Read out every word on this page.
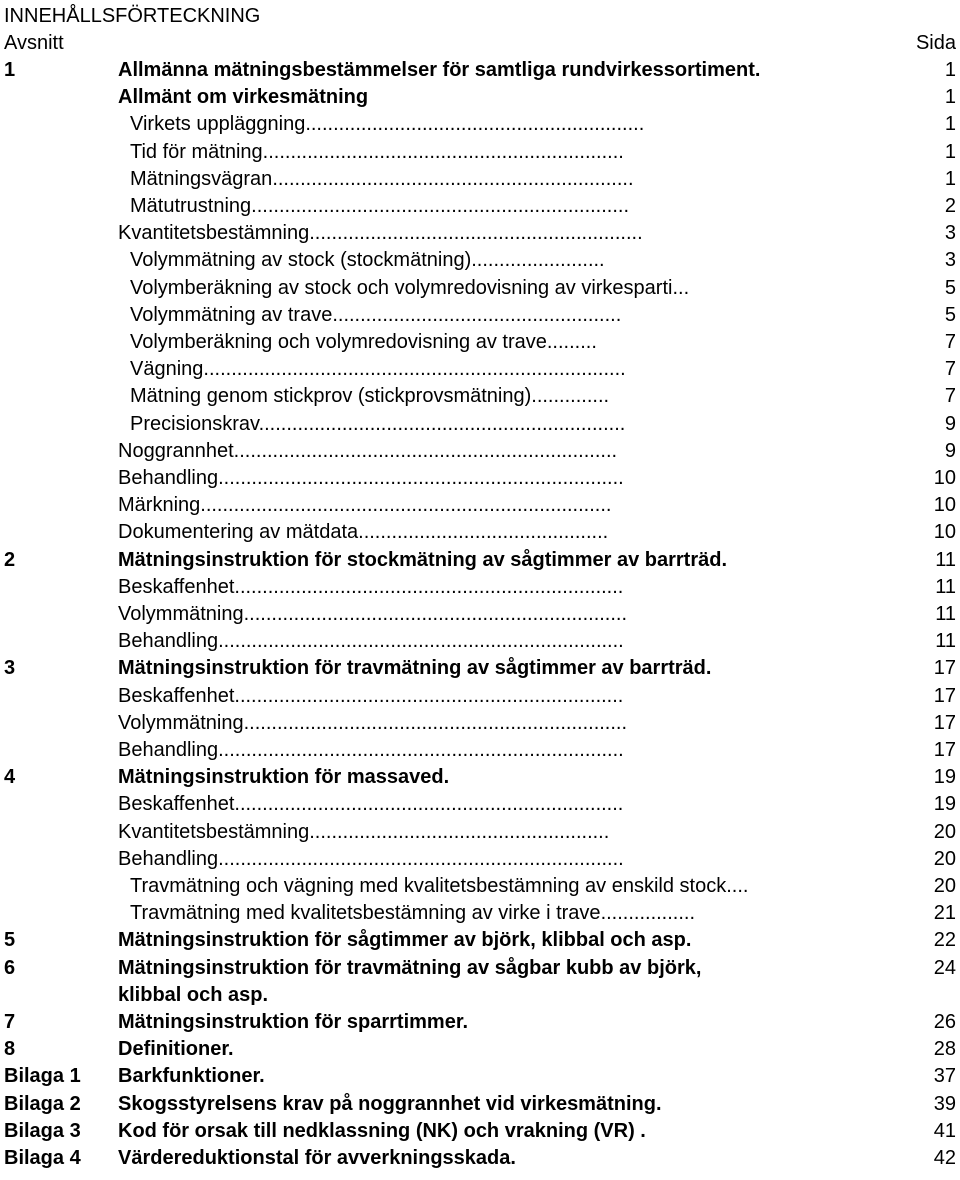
INNEHÅLLSFÖRTECKNING
Avsnitt	Sida
1	Allmänna mätningsbestämmelser för samtliga rundvirkessortiment.	1
Allmänt om virkesmätning	1
Virkets uppläggning.............................................................	1
Tid för mätning.................................................................	1
Mätningsvägran.................................................................	1
Mätutrustning....................................................................	2
Kvantitetsbestämning............................................................	3
Volymmätning av stock (stockmätning)........................	3
Volymberäkning av stock och volymredovisning av virkesparti...	5
Volymmätning av trave....................................................	5
Volymberäkning och volymredovisning av trave.........	7
Vägning............................................................................	7
Mätning genom stickprov (stickprovsmätning)..............	7
Precisionskrav..................................................................	9
Noggrannhet.....................................................................	9
Behandling.........................................................................	10
Märkning..........................................................................	10
Dokumentering av mätdata.............................................	10
2	Mätningsinstruktion för stockmätning av sågtimmer av barrträd.	11
Beskaffenhet......................................................................	11
Volymmätning.....................................................................	11
Behandling.........................................................................	11
3	Mätningsinstruktion för travmätning av sågtimmer av barrträd.	17
Beskaffenhet......................................................................	17
Volymmätning.....................................................................	17
Behandling.........................................................................	17
4	Mätningsinstruktion för massaved.	19
Beskaffenhet......................................................................	19
Kvantitetsbestämning......................................................	20
Behandling.........................................................................	20
Travmätning och vägning med kvalitetsbestämning av enskild stock....	20
Travmätning med kvalitetsbestämning av virke i trave.................	21
5	Mätningsinstruktion för sågtimmer av björk, klibbal och asp.	22
6	Mätningsinstruktion för travmätning av sågbar kubb av björk,	24
klibbal och asp.
7	Mätningsinstruktion för sparrtimmer.	26
8	Definitioner.	28
Bilaga 1 Barkfunktioner.	37
Bilaga 2 Skogsstyrelsens krav på noggrannhet vid virkesmätning.	39
Bilaga 3 Kod för orsak till nedklassning (NK) och vrakning (VR) .	41
Bilaga 4 Värdereduktionstal för avverkningsskada.	42
